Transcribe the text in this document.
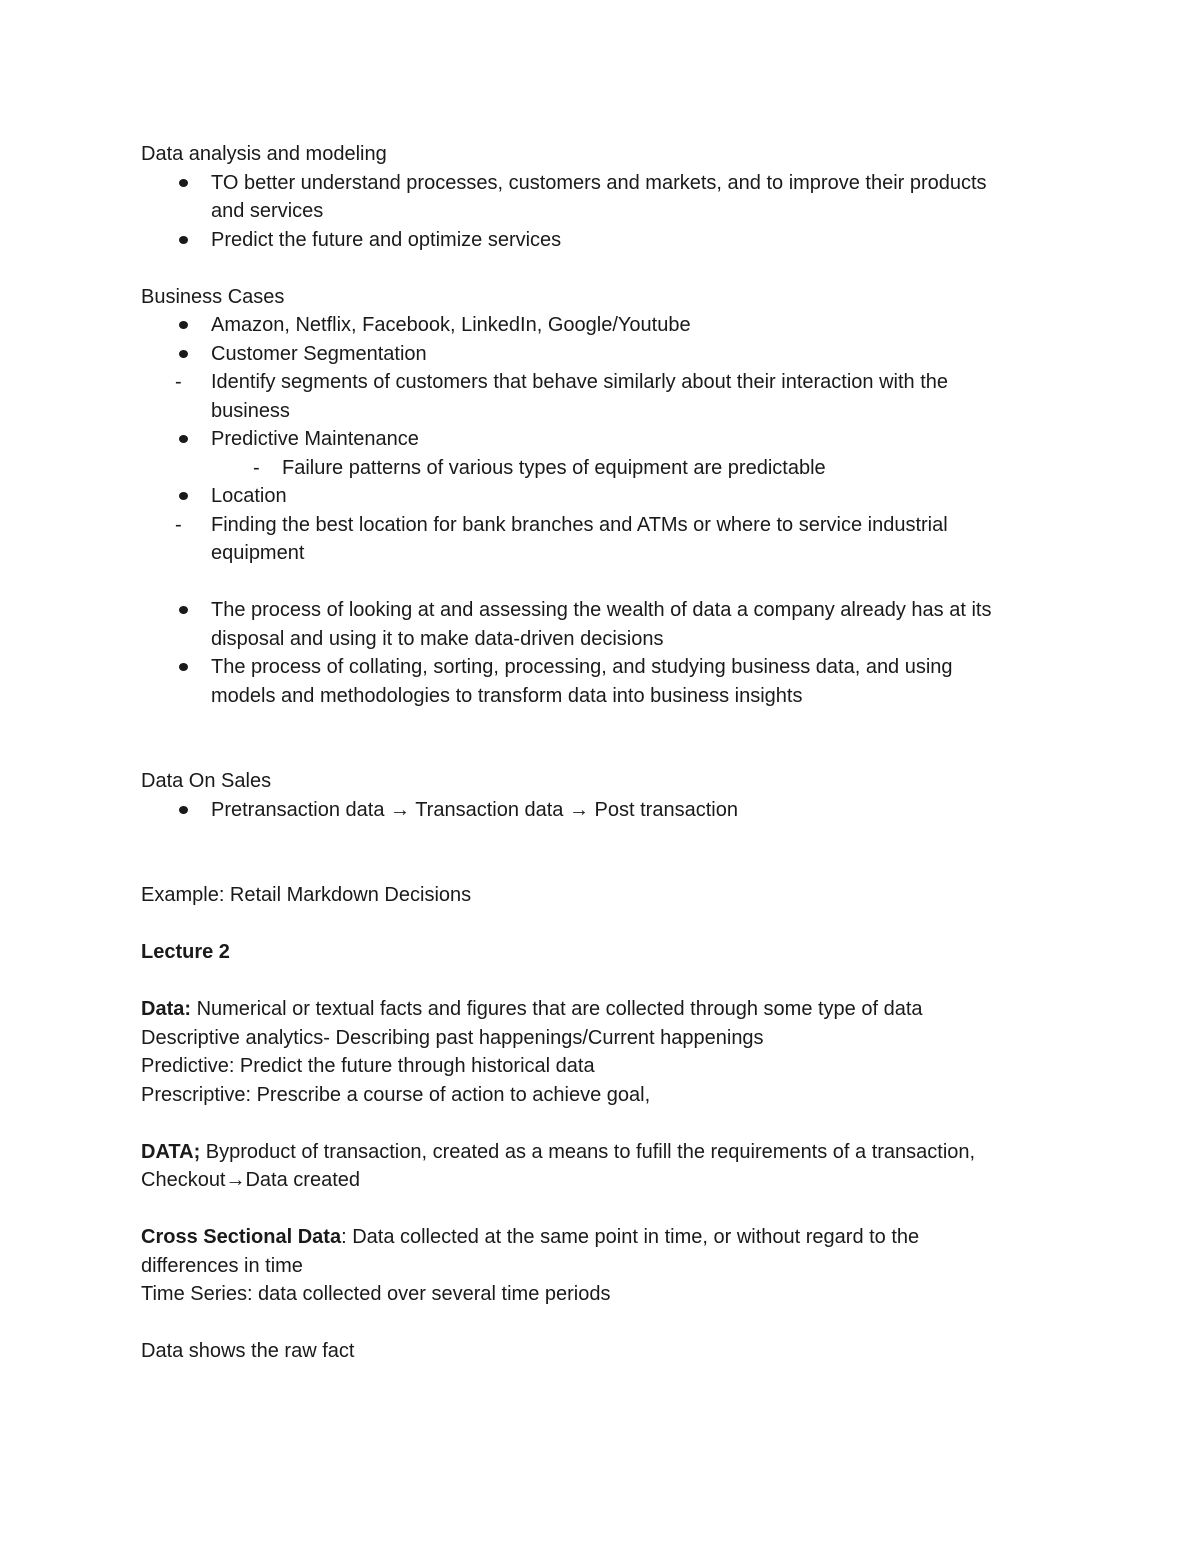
Data analysis and modeling
TO better understand processes, customers and markets, and to improve their products
and services
Predict the future and optimize services
Business Cases
Amazon, Netflix, Facebook, LinkedIn, Google/Youtube
Customer Segmentation
- Identify segments of customers that behave similarly about their interaction with the
business
Predictive Maintenance
- Failure patterns of various types of equipment are predictable
Location
- Finding the best location for bank branches and ATMs or where to service industrial
equipment
The process of looking at and assessing the wealth of data a company already has at its
disposal and using it to make data-driven decisions
The process of collating, sorting, processing, and studying business data, and using
models and methodologies to transform data into business insights
Data On Sales
Pretransaction data → Transaction data → Post transaction
Example: Retail Markdown Decisions
Lecture 2
Data: Numerical or textual facts and figures that are collected through some type of data
Descriptive analytics- Describing past happenings/Current happenings
Predictive: Predict the future through historical data
Prescriptive: Prescribe a course of action to achieve goal,
DATA; Byproduct of transaction, created as a means to fufill the requirements of a transaction,
Checkout→Data created
Cross Sectional Data: Data collected at the same point in time, or without regard to the
differences in time
Time Series: data collected over several time periods
Data shows the raw fact
